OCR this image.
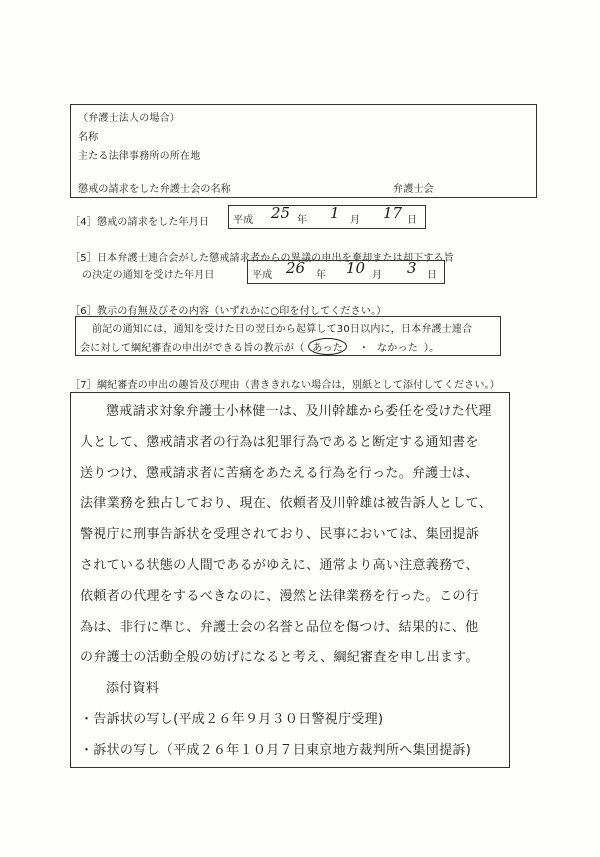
（弁護士法人の場合）
名称
主たる法律事務所の所在地
懲戒の請求をした弁護士会の名称	弁護士会
［4］懲戒の請求をした年月日 平成 25 年 1 月 17 日
［5］日本弁護士連合会がした懲戒請求者からの異議の申出を棄却または却下する旨
の決定の通知を受けた年月日	平成 26 年 10 月 3 日
［6］教示の有無及びその内容（いずれかに○印を付してください。）
前記の通知には，通知を受けた日の翌日から起算して30日以内に，日本弁護士連合
会に対して綱紀審査の申出ができる旨の教示が（ あった ・ なかった ）。
［7］綱紀審査の申出の趣旨及び理由（書ききれない場合は，別紙として添付してください。）
懲戒請求対象弁護士小林健一は、及川幹雄から委任を受けた代理
人として、懲戒請求者の行為は犯罪行為であると断定する通知書を
送りつけ、懲戒請求者に苦痛をあたえる行為を行った。弁護士は、
法律業務を独占しており、現在、依頼者及川幹雄は被告訴人として、
警視庁に刑事告訴状を受理されており、民事においては、集団提訴
されている状態の人間であるがゆえに、通常より高い注意義務で、
依頼者の代理をするべきなのに、漫然と法律業務を行った。この行
為は、非行に準じ、弁護士会の名誉と品位を傷つけ、結果的に、他
の弁護士の活動全般の妨げになると考え、綱紀審査を申し出ます。
添付資料
・告訴状の写し(平成２６年９月３０日警視庁受理)
・訴状の写し（平成２６年１０月７日東京地方裁判所へ集団提訴)
